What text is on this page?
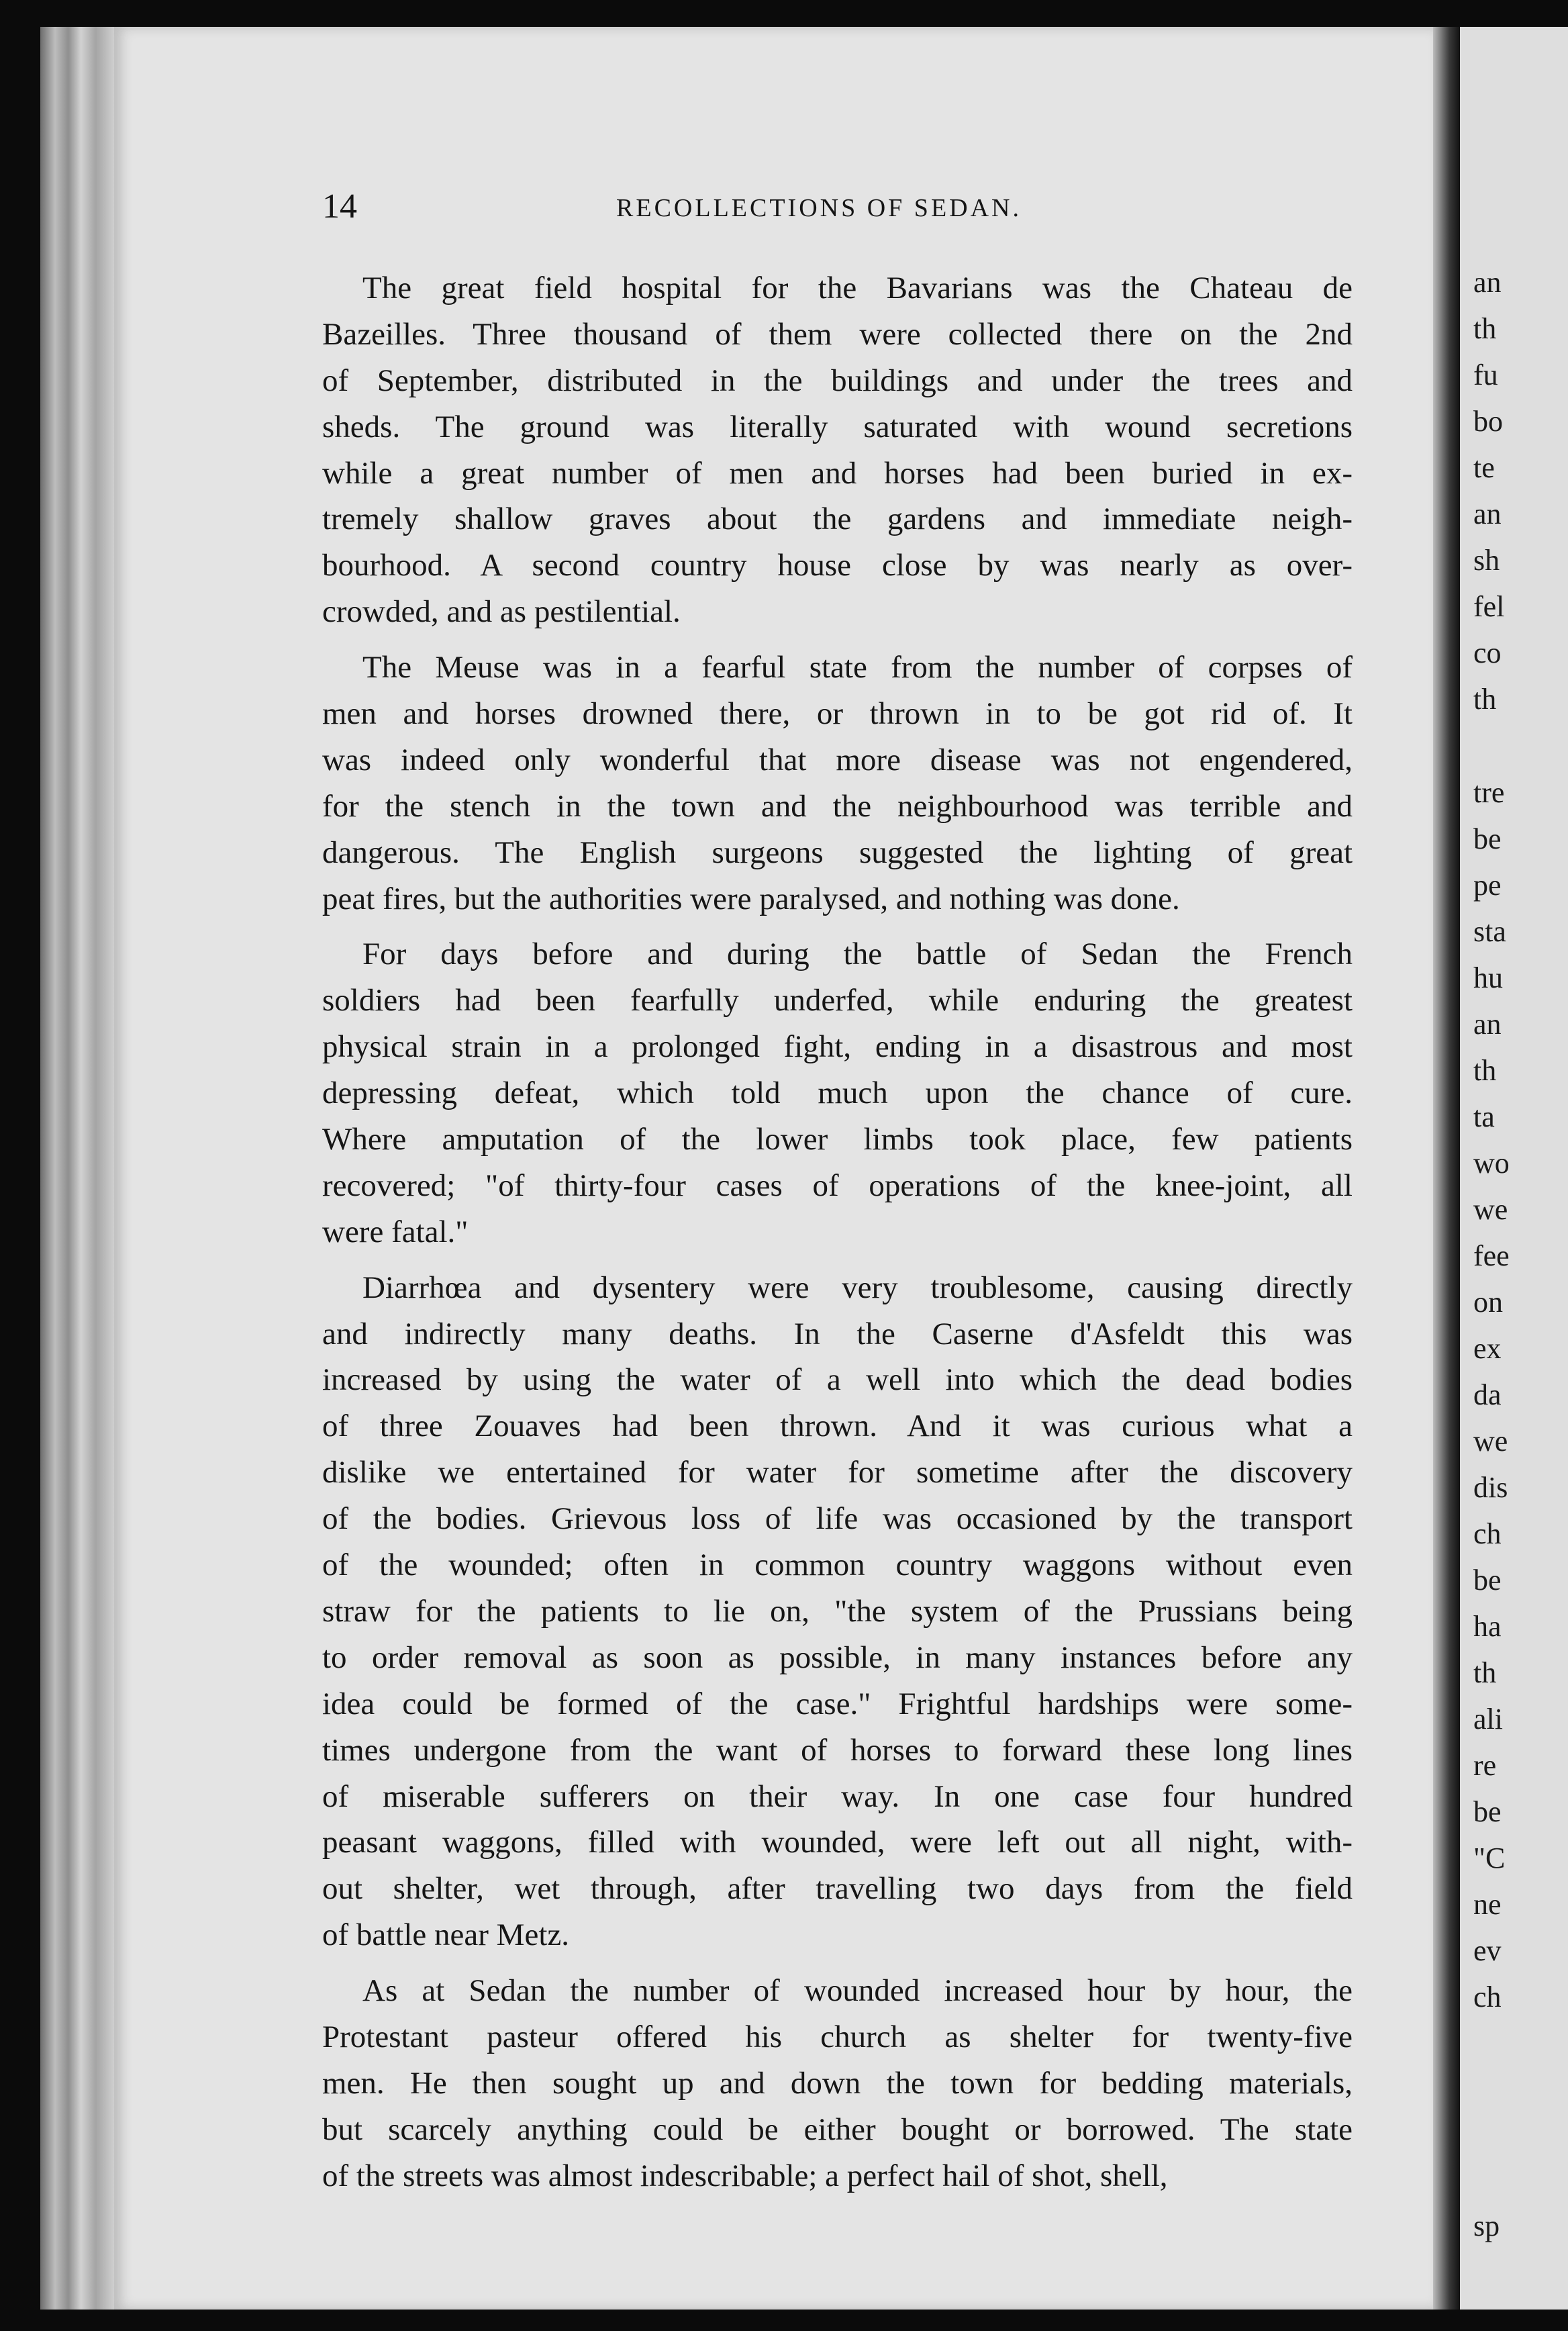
an
th
fu
bo
te
an
sh
fel
co
th
tre
be
pe
sta
hu
an
th
ta
wo
we
fee
on
ex
da
we
dis
ch
be
ha
th
ali
re
be
"C
ne
ev
ch
sp
14	RECOLLECTIONS OF SEDAN.
The great field hospital for the Bavarians was the Chateau de
Bazeilles. Three thousand of them were collected there on the 2nd
of September, distributed in the buildings and under the trees and
sheds. The ground was literally saturated with wound secretions
while a great number of men and horses had been buried in ex-
tremely shallow graves about the gardens and immediate neigh-
bourhood. A second country house close by was nearly as over-
crowded, and as pestilential.
The Meuse was in a fearful state from the number of corpses of
men and horses drowned there, or thrown in to be got rid of. It
was indeed only wonderful that more disease was not engendered,
for the stench in the town and the neighbourhood was terrible and
dangerous. The English surgeons suggested the lighting of great
peat fires, but the authorities were paralysed, and nothing was done.
For days before and during the battle of Sedan the French
soldiers had been fearfully underfed, while enduring the greatest
physical strain in a prolonged fight, ending in a disastrous and most
depressing defeat, which told much upon the chance of cure.
Where amputation of the lower limbs took place, few patients
recovered; "of thirty-four cases of operations of the knee-joint, all
were fatal."
Diarrhœa and dysentery were very troublesome, causing directly
and indirectly many deaths. In the Caserne d'Asfeldt this was
increased by using the water of a well into which the dead bodies
of three Zouaves had been thrown. And it was curious what a
dislike we entertained for water for sometime after the discovery
of the bodies. Grievous loss of life was occasioned by the transport
of the wounded; often in common country waggons without even
straw for the patients to lie on, "the system of the Prussians being
to order removal as soon as possible, in many instances before any
idea could be formed of the case." Frightful hardships were some-
times undergone from the want of horses to forward these long lines
of miserable sufferers on their way. In one case four hundred
peasant waggons, filled with wounded, were left out all night, with-
out shelter, wet through, after travelling two days from the field
of battle near Metz.
As at Sedan the number of wounded increased hour by hour, the
Protestant pasteur offered his church as shelter for twenty-five
men. He then sought up and down the town for bedding materials,
but scarcely anything could be either bought or borrowed. The state
of the streets was almost indescribable; a perfect hail of shot, shell,
